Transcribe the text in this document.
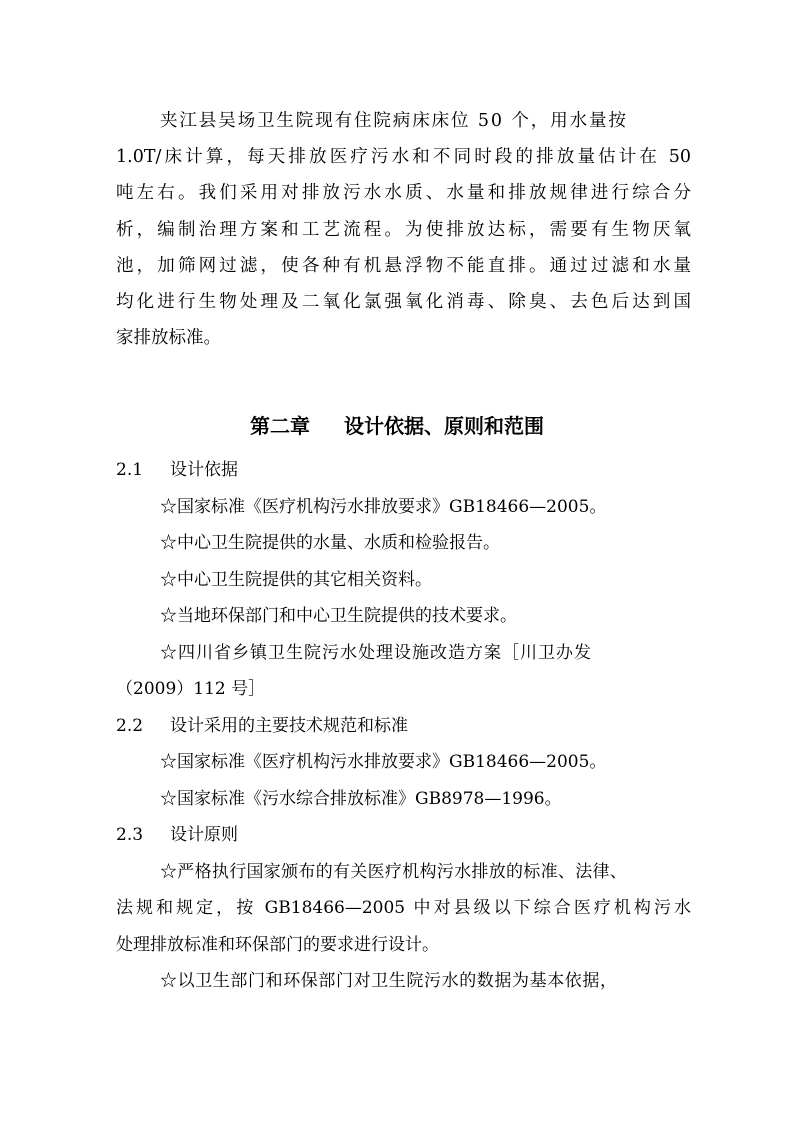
夹江县吴场卫生院现有住院病床床位 50 个，用水量按
1.0T/床计算，每天排放医疗污水和不同时段的排放量估计在 50
吨左右。我们采用对排放污水水质、水量和排放规律进行综合分
析，编制治理方案和工艺流程。为使排放达标，需要有生物厌氧
池，加筛网过滤，使各种有机悬浮物不能直排。通过过滤和水量
均化进行生物处理及二氧化氯强氧化消毒、除臭、去色后达到国
家排放标准。
第二章 设计依据、原则和范围
2.1 设计依据
☆国家标准《医疗机构污水排放要求》GB18466—2005。
☆中心卫生院提供的水量、水质和检验报告。
☆中心卫生院提供的其它相关资料。
☆当地环保部门和中心卫生院提供的技术要求。
☆四川省乡镇卫生院污水处理设施改造方案［川卫办发
（2009）112 号］
2.2 设计采用的主要技术规范和标准
☆国家标准《医疗机构污水排放要求》GB18466—2005。
☆国家标准《污水综合排放标准》GB8978—1996。
2.3 设计原则
☆严格执行国家颁布的有关医疗机构污水排放的标准、法律、
法规和规定，按 GB18466—2005 中对县级以下综合医疗机构污水
处理排放标准和环保部门的要求进行设计。
☆以卫生部门和环保部门对卫生院污水的数据为基本依据，
